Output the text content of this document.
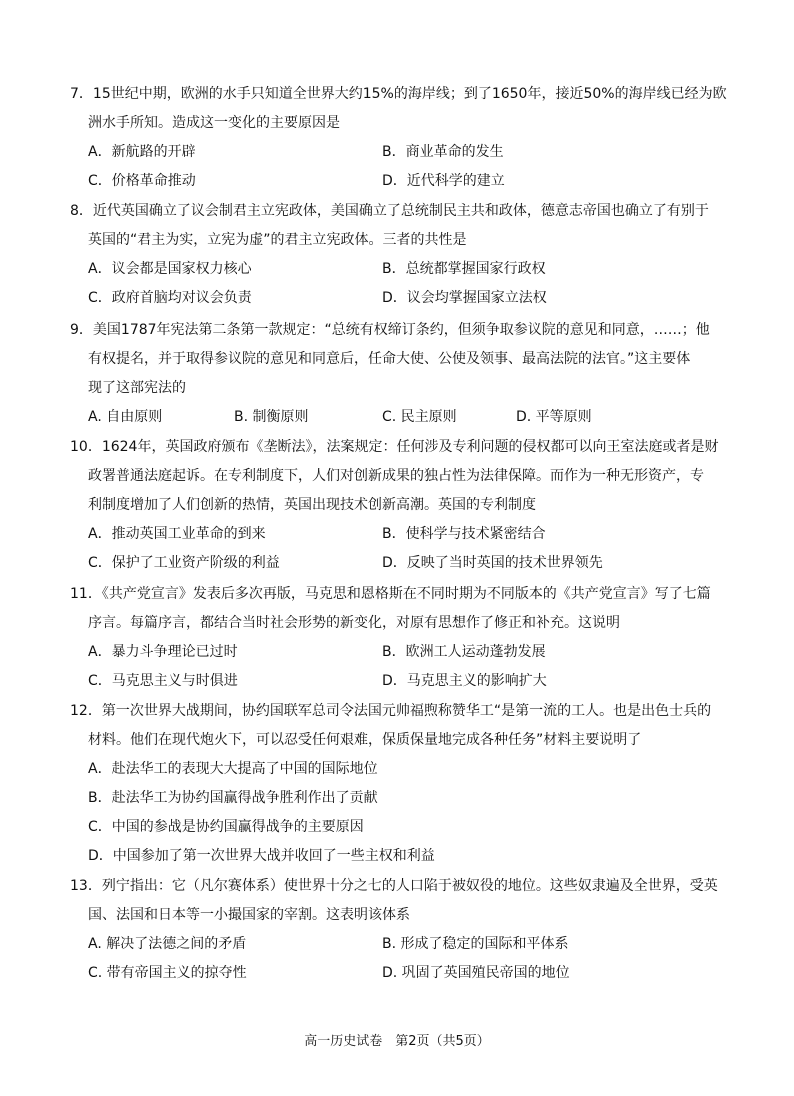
7．15世纪中期，欧洲的水手只知道全世界大约15%的海岸线；到了1650年，接近50%的海岸线已经为欧
洲水手所知。造成这一变化的主要原因是
A．新航路的开辟	B．商业革命的发生
C．价格革命推动	D．近代科学的建立
8．近代英国确立了议会制君主立宪政体，美国确立了总统制民主共和政体，德意志帝国也确立了有别于
英国的“君主为实，立宪为虚”的君主立宪政体。三者的共性是
A．议会都是国家权力核心	B．总统都掌握国家行政权
C．政府首脑均对议会负责	D．议会均掌握国家立法权
9．美国1787年宪法第二条第一款规定：“总统有权缔订条约，但须争取参议院的意见和同意，……；他
有权提名，并于取得参议院的意见和同意后，任命大使、公使及领事、最高法院的法官。”这主要体
现了这部宪法的
A. 自由原则	B. 制衡原则	C. 民主原则	D. 平等原则
10．1624年，英国政府颁布《垄断法》，法案规定：任何涉及专利问题的侵权都可以向王室法庭或者是财
政署普通法庭起诉。在专利制度下，人们对创新成果的独占性为法律保障。而作为一种无形资产，专
利制度增加了人们创新的热情，英国出现技术创新高潮。英国的专利制度
A．推动英国工业革命的到来	B．使科学与技术紧密结合
C．保护了工业资产阶级的利益	D．反映了当时英国的技术世界领先
11．《共产党宣言》发表后多次再版，马克思和恩格斯在不同时期为不同版本的《共产党宣言》写了七篇
序言。每篇序言，都结合当时社会形势的新变化，对原有思想作了修正和补充。这说明
A．暴力斗争理论已过时	B．欧洲工人运动蓬勃发展
C．马克思主义与时俱进	D．马克思主义的影响扩大
12．第一次世界大战期间，协约国联军总司令法国元帅福煦称赞华工“是第一流的工人。也是出色士兵的
材料。他们在现代炮火下，可以忍受任何艰难，保质保量地完成各种任务”材料主要说明了
A．赴法华工的表现大大提高了中国的国际地位
B．赴法华工为协约国赢得战争胜利作出了贡献
C．中国的参战是协约国赢得战争的主要原因
D．中国参加了第一次世界大战并收回了一些主权和利益
13．列宁指出：它（凡尔赛体系）使世界十分之七的人口陷于被奴役的地位。这些奴隶遍及全世界，受英
国、法国和日本等一小撮国家的宰割。这表明该体系
A. 解决了法德之间的矛盾	B. 形成了稳定的国际和平体系
C. 带有帝国主义的掠夺性	D. 巩固了英国殖民帝国的地位
高一历史试卷　第2页（共5页）
